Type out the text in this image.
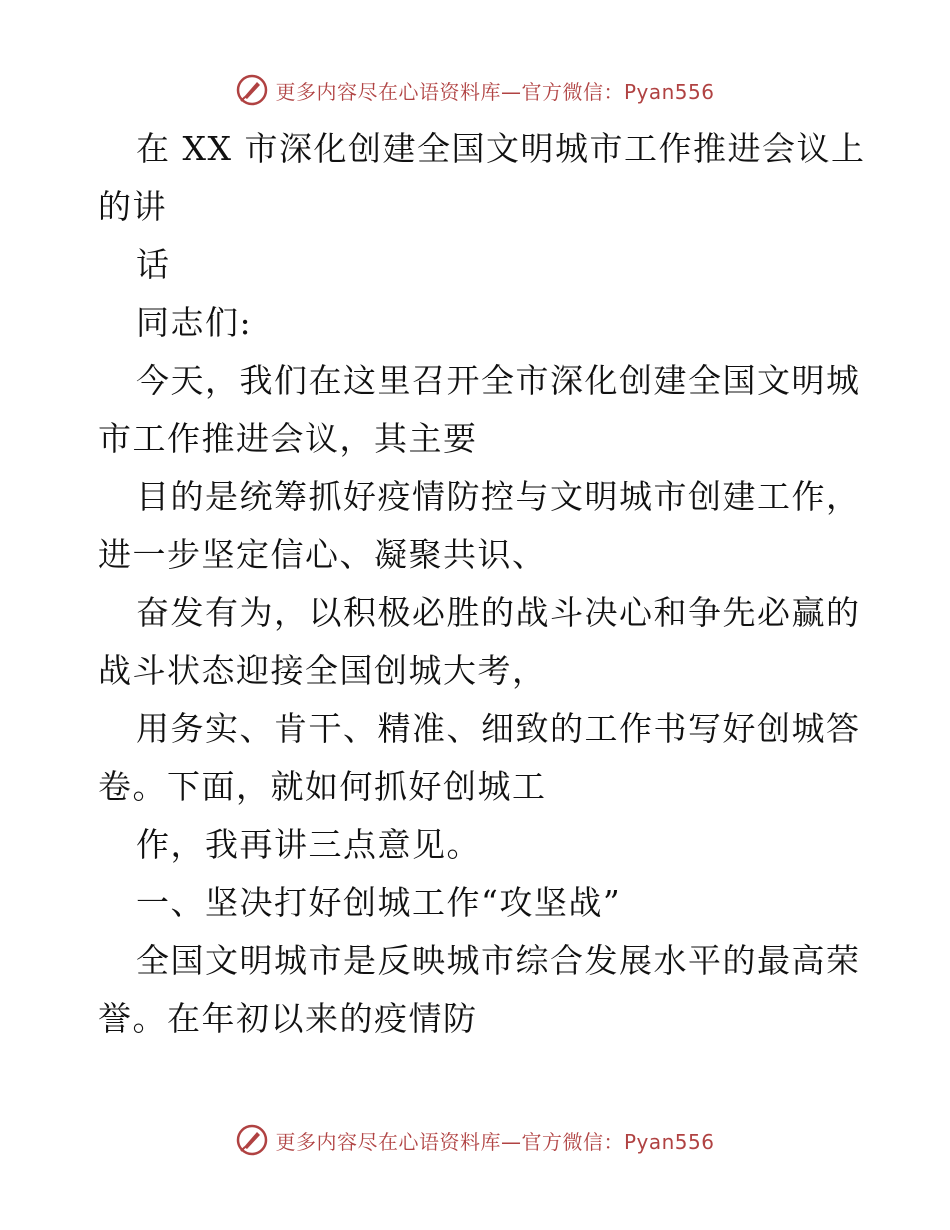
更多内容尽在心语资料库—官方微信：Pyan556
在 XX 市深化创建全国文明城市工作推进会议上
的讲
话
同志们:
今天，我们在这里召开全市深化创建全国文明城
市工作推进会议，其主要
目的是统筹抓好疫情防控与文明城市创建工作，
进一步坚定信心、凝聚共识、
奋发有为，以积极必胜的战斗决心和争先必赢的
战斗状态迎接全国创城大考，
用务实、肯干、精准、细致的工作书写好创城答
卷。下面，就如何抓好创城工
作，我再讲三点意见。
一、坚决打好创城工作“攻坚战”
全国文明城市是反映城市综合发展水平的最高荣
誉。在年初以来的疫情防
更多内容尽在心语资料库—官方微信：Pyan556
